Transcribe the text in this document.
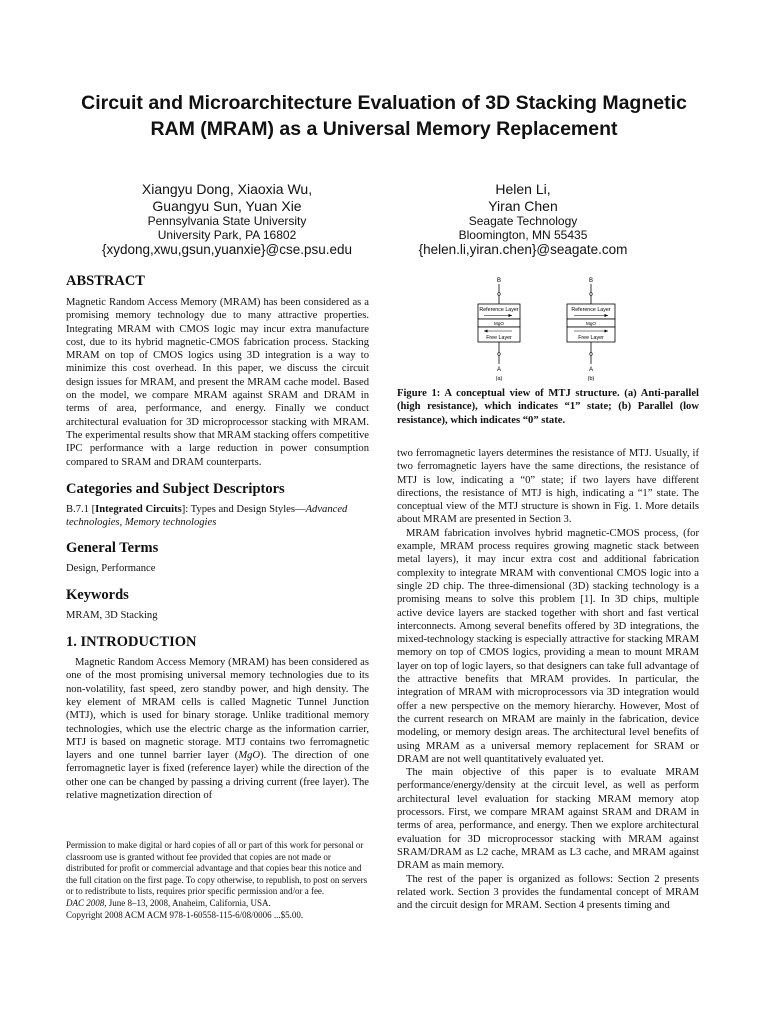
Circuit and Microarchitecture Evaluation of 3D Stacking Magnetic RAM (MRAM) as a Universal Memory Replacement
Xiangyu Dong, Xiaoxia Wu,
Guangyu Sun, Yuan Xie
Pennsylvania State University
University Park, PA 16802
{xydong,xwu,gsun,yuanxie}@cse.psu.edu
Helen Li,
Yiran Chen
Seagate Technology
Bloomington, MN 55435
{helen.li,yiran.chen}@seagate.com
ABSTRACT

Magnetic Random Access Memory (MRAM) has been considered as a promising memory technology due to many attractive properties. Integrating MRAM with CMOS logic may incur extra manufacture cost, due to its hybrid magnetic-CMOS fabrication process. Stacking MRAM on top of CMOS logics using 3D integration is a way to minimize this cost overhead. In this paper, we discuss the circuit design issues for MRAM, and present the MRAM cache model. Based on the model, we compare MRAM against SRAM and DRAM in terms of area, performance, and energy. Finally we conduct architectural evaluation for 3D microprocessor stacking with MRAM. The experimental results show that MRAM stacking offers competitive IPC performance with a large reduction in power consumption compared to SRAM and DRAM counterparts.

Categories and Subject Descriptors

B.7.1 [Integrated Circuits]: Types and Design Styles—Advanced technologies, Memory technologies

General Terms

Design, Performance

Keywords

MRAM, 3D Stacking

1. INTRODUCTION

Magnetic Random Access Memory (MRAM) has been considered as one of the most promising universal memory technologies due to its non-volatility, fast speed, zero standby power, and high density. The key element of MRAM cells is called Magnetic Tunnel Junction (MTJ), which is used for binary storage. Unlike traditional memory technologies, which use the electric charge as the information carrier, MTJ is based on magnetic storage. MTJ contains two ferromagnetic layers and one tunnel barrier layer (MgO). The direction of one ferromagnetic layer is fixed (reference layer) while the direction of the other one can be changed by passing a driving current (free layer). The relative magnetization direction of

Permission to make digital or hard copies of all or part of this work for personal or classroom use is granted without fee provided that copies are not made or distributed for profit or commercial advantage and that copies bear this notice and the full citation on the first page. To copy otherwise, to republish, to post on servers or to redistribute to lists, requires prior specific permission and/or a fee.

DAC 2008, June 8–13, 2008, Anaheim, California, USA.

Copyright 2008 ACM ACM 978-1-60558-115-6/08/0006 ...$5.00.

B
Reference Layer
MgO
Free Layer
A
(a)
B
Reference Layer
MgO
Free Layer
A
(b)
Figure 1: A conceptual view of MTJ structure. (a) Anti-parallel (high resistance), which indicates “1” state; (b) Parallel (low resistance), which indicates “0” state.

two ferromagnetic layers determines the resistance of MTJ. Usually, if two ferromagnetic layers have the same directions, the resistance of MTJ is low, indicating a “0” state; if two layers have different directions, the resistance of MTJ is high, indicating a “1” state. The conceptual view of the MTJ structure is shown in Fig. 1. More details about MRAM are presented in Section 3.

MRAM fabrication involves hybrid magnetic-CMOS process, (for example, MRAM process requires growing magnetic stack between metal layers), it may incur extra cost and additional fabrication complexity to integrate MRAM with conventional CMOS logic into a single 2D chip. The three-dimensional (3D) stacking technology is a promising means to solve this problem [1]. In 3D chips, multiple active device layers are stacked together with short and fast vertical interconnects. Among several benefits offered by 3D integrations, the mixed-technology stacking is especially attractive for stacking MRAM memory on top of CMOS logics, providing a mean to mount MRAM layer on top of logic layers, so that designers can take full advantage of the attractive benefits that MRAM provides. In particular, the integration of MRAM with microprocessors via 3D integration would offer a new perspective on the memory hierarchy. However, Most of the current research on MRAM are mainly in the fabrication, device modeling, or memory design areas. The architectural level benefits of using MRAM as a universal memory replacement for SRAM or DRAM are not well quantitatively evaluated yet.

The main objective of this paper is to evaluate MRAM performance/energy/density at the circuit level, as well as perform architectural level evaluation for stacking MRAM memory atop processors. First, we compare MRAM against SRAM and DRAM in terms of area, performance, and energy. Then we explore architectural evaluation for 3D microprocessor stacking with MRAM against SRAM/DRAM as L2 cache, MRAM as L3 cache, and MRAM against DRAM as main memory.

The rest of the paper is organized as follows: Section 2 presents related work. Section 3 provides the fundamental concept of MRAM and the circuit design for MRAM. Section 4 presents timing and
